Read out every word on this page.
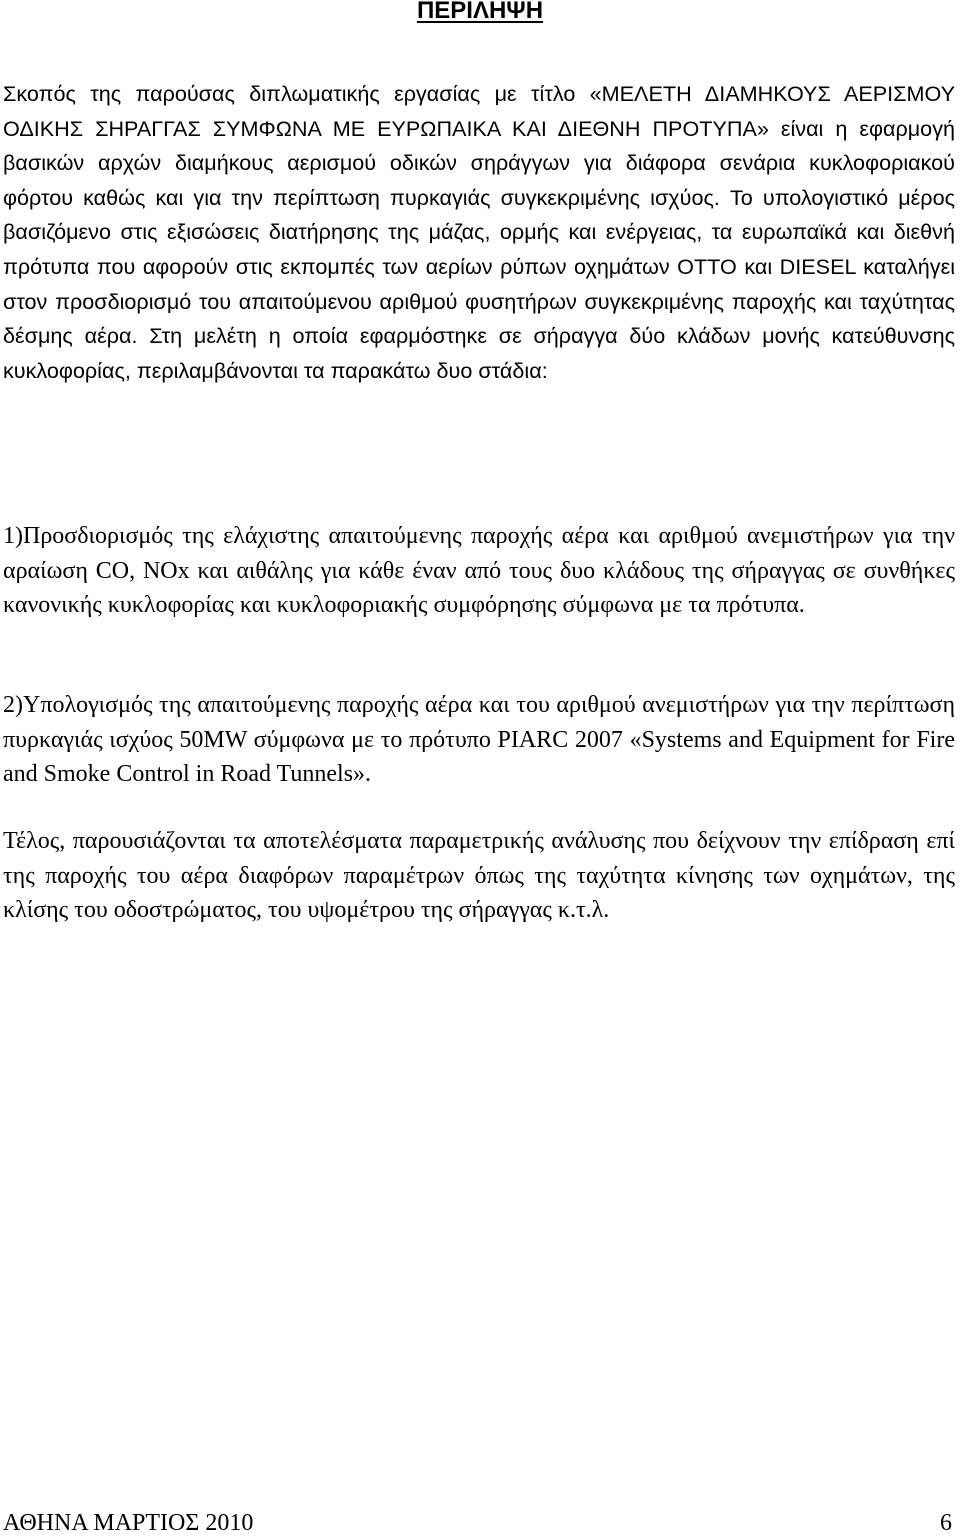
ΠΕΡΙΛΗΨΗ

Σκοπός της παρούσας διπλωματικής εργασίας με τίτλο «ΜΕΛΕΤΗ ΔΙΑΜΗΚΟΥΣ ΑΕΡΙΣΜΟΥ ΟΔΙΚΗΣ ΣΗΡΑΓΓΑΣ ΣΥΜΦΩΝΑ ΜΕ ΕΥΡΩΠΑΙΚΑ ΚΑΙ ΔΙΕΘΝΗ ΠΡΟΤΥΠΑ» είναι η εφαρμογή βασικών αρχών διαμήκους αερισμού οδικών σηράγγων για διάφορα σενάρια κυκλοφοριακού φόρτου καθώς και για την περίπτωση πυρκαγιάς συγκεκριμένης ισχύος. Το υπολογιστικό μέρος βασιζόμενο στις εξισώσεις διατήρησης της μάζας, ορμής και ενέργειας, τα ευρωπαϊκά και διεθνή πρότυπα που αφορούν στις εκπομπές των αερίων ρύπων οχημάτων OTTO και DIESEL καταλήγει στον προσδιορισμό του απαιτούμενου αριθμού φυσητήρων συγκεκριμένης παροχής και ταχύτητας δέσμης αέρα. Στη μελέτη η οποία εφαρμόστηκε σε σήραγγα δύο κλάδων μονής κατεύθυνσης κυκλοφορίας, περιλαμβάνονται τα παρακάτω δυο στάδια:

1)Προσδιορισμός της ελάχιστης απαιτούμενης παροχής αέρα και αριθμού ανεμιστήρων για την αραίωση CO, NOx και αιθάλης για κάθε έναν από τους δυο κλάδους της σήραγγας σε συνθήκες κανονικής κυκλοφορίας και κυκλοφοριακής συμφόρησης σύμφωνα με τα πρότυπα.

2)Υπολογισμός της απαιτούμενης παροχής αέρα και του αριθμού ανεμιστήρων για την περίπτωση πυρκαγιάς ισχύος 50MW σύμφωνα με το πρότυπο PIARC 2007 «Systems and Equipment for Fire and Smoke Control in Road Tunnels».

Τέλος, παρουσιάζονται τα αποτελέσματα παραμετρικής ανάλυσης που δείχνουν την επίδραση επί της παροχής του αέρα διαφόρων παραμέτρων όπως της ταχύτητα κίνησης των οχημάτων, της κλίσης του οδοστρώματος, του υψομέτρου της σήραγγας κ.τ.λ.

ΑΘΗΝΑ ΜΑΡΤΙΟΣ 2010	6
